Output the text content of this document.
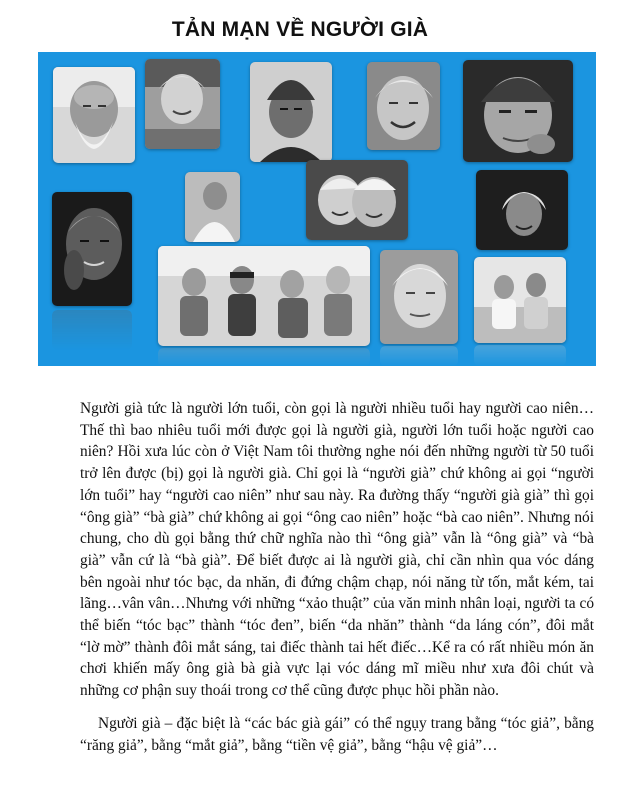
TẢN MẠN VỀ NGƯỜI GIÀ

Người già tức là người lớn tuổi, còn gọi là người nhiều tuổi hay người cao niên… Thế thì bao nhiêu tuổi mới được gọi là người già, người lớn tuổi hoặc người cao niên? Hồi xưa lúc còn ở Việt Nam tôi thường nghe nói đến những người từ 50 tuổi trở lên được (bị) gọi là người già. Chỉ gọi là “người già” chứ không ai gọi “người lớn tuổi” hay “người cao niên” như sau này. Ra đường thấy “người già già” thì gọi “ông già” “bà già” chứ không ai gọi “ông cao niên” hoặc “bà cao niên”. Nhưng nói chung, cho dù gọi bằng thứ chữ nghĩa nào thì “ông già” vẫn là “ông già” và “bà già” vẫn cứ là “bà già”. Để biết được ai là người già, chỉ cần nhìn qua vóc dáng bên ngoài như tóc bạc, da nhăn, đi đứng chậm chạp, nói năng từ tốn, mắt kém, tai lãng…vân vân…Nhưng với những “xảo thuật” của văn minh nhân loại, người ta có thể biến “tóc bạc” thành “tóc đen”, biến “da nhăn” thành “da láng cón”, đôi mắt “lờ mờ” thành đôi mắt sáng, tai điếc thành tai hết điếc…Kể ra có rất nhiều món ăn chơi khiến mấy ông già bà già vực lại vóc dáng mĩ miều như xưa đôi chút và những cơ phận suy thoái trong cơ thể cũng được phục hồi phần nào.

Người già – đặc biệt là “các bác già gái” có thể ngụy trang bằng “tóc giả”, bằng “răng giả”, bằng “mắt giả”, bằng “tiền vệ giả”, bằng “hậu vệ giả”…
